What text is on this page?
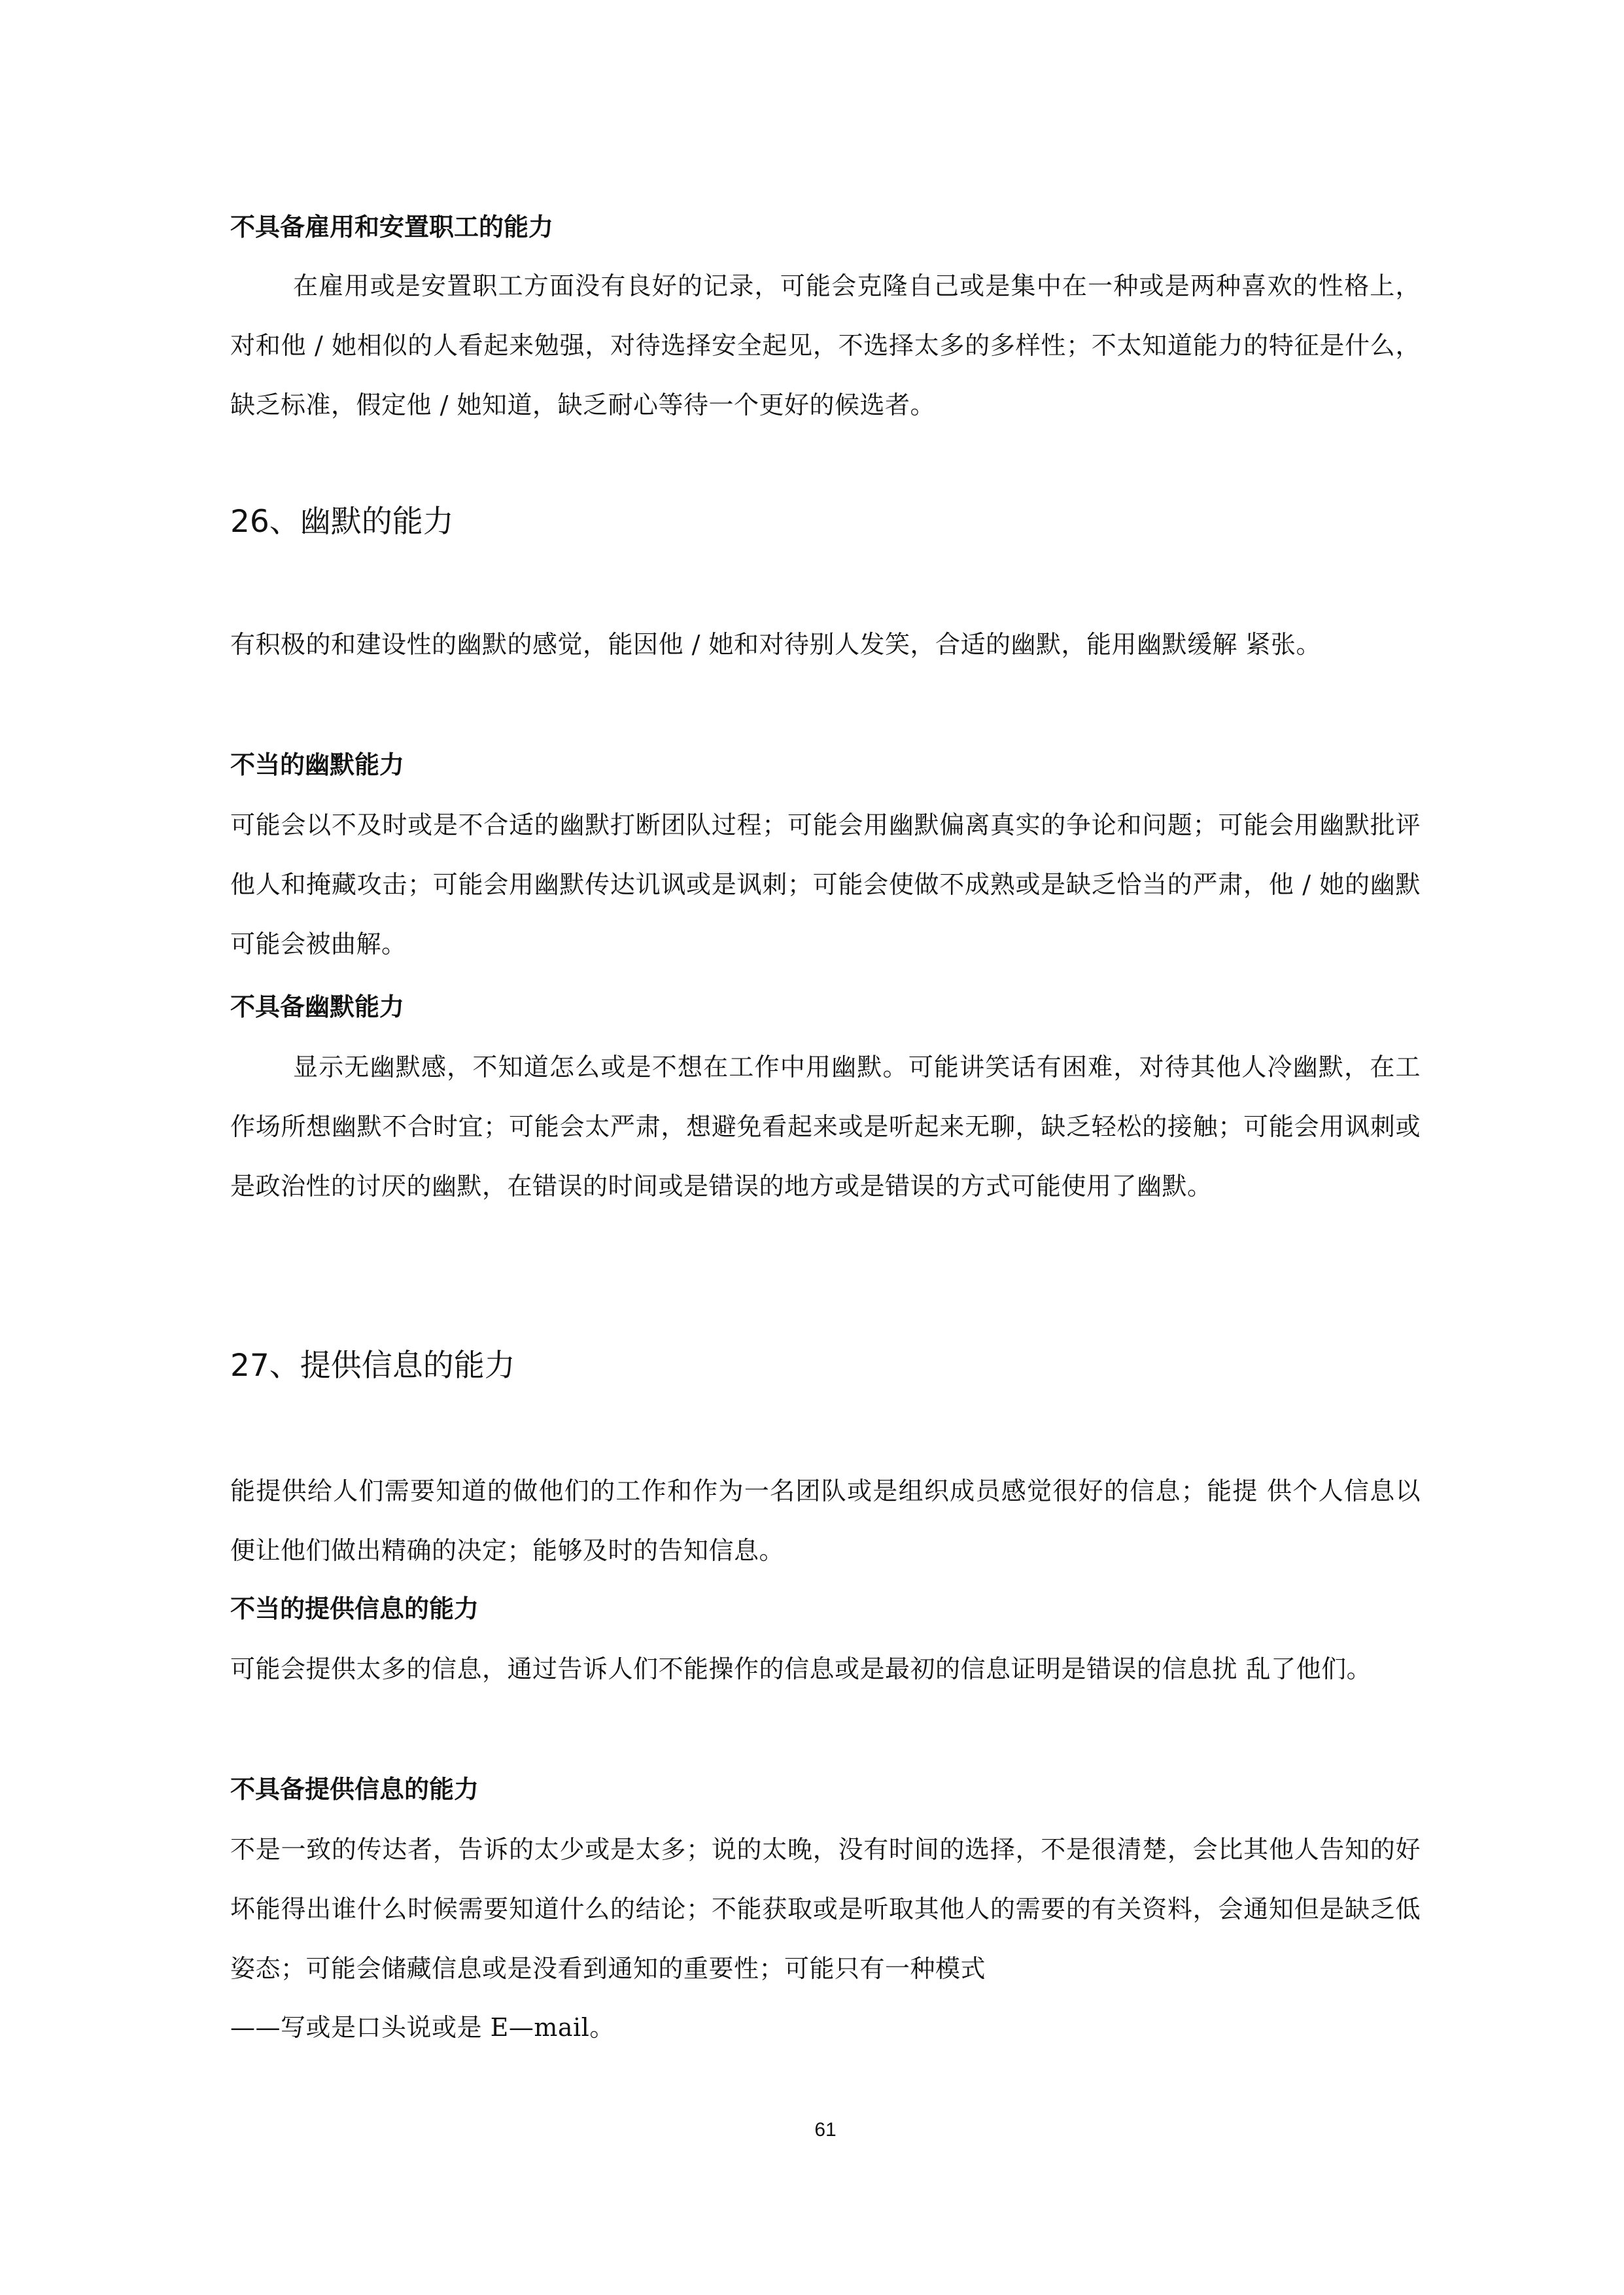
不具备雇用和安置职工的能力

在雇用或是安置职工方面没有良好的记录，可能会克隆自己或是集中在一种或是两种喜欢的性格上，对和他 / 她相似的人看起来勉强，对待选择安全起见，不选择太多的多样性；不太知道能力的特征是什么，缺乏标准，假定他 / 她知道，缺乏耐心等待一个更好的候选者。

26、幽默的能力

有积极的和建设性的幽默的感觉，能因他 / 她和对待别人发笑，合适的幽默，能用幽默缓解 紧张。

不当的幽默能力

可能会以不及时或是不合适的幽默打断团队过程；可能会用幽默偏离真实的争论和问题；可能会用幽默批评他人和掩藏攻击；可能会用幽默传达讥讽或是讽刺；可能会使做不成熟或是缺乏恰当的严肃，他 / 她的幽默可能会被曲解。

不具备幽默能力

显示无幽默感，不知道怎么或是不想在工作中用幽默。可能讲笑话有困难，对待其他人冷幽默，在工作场所想幽默不合时宜；可能会太严肃，想避免看起来或是听起来无聊，缺乏轻松的接触；可能会用讽刺或是政治性的讨厌的幽默，在错误的时间或是错误的地方或是错误的方式可能使用了幽默。

27、提供信息的能力

能提供给人们需要知道的做他们的工作和作为一名团队或是组织成员感觉很好的信息；能提 供个人信息以便让他们做出精确的决定；能够及时的告知信息。

不当的提供信息的能力

可能会提供太多的信息，通过告诉人们不能操作的信息或是最初的信息证明是错误的信息扰 乱了他们。

不具备提供信息的能力

不是一致的传达者，告诉的太少或是太多；说的太晚，没有时间的选择，不是很清楚，会比其他人告知的好坏能得出谁什么时候需要知道什么的结论；不能获取或是听取其他人的需要的有关资料，会通知但是缺乏低姿态；可能会储藏信息或是没看到通知的重要性；可能只有一种模式

——写或是口头说或是 E—mail。

61
